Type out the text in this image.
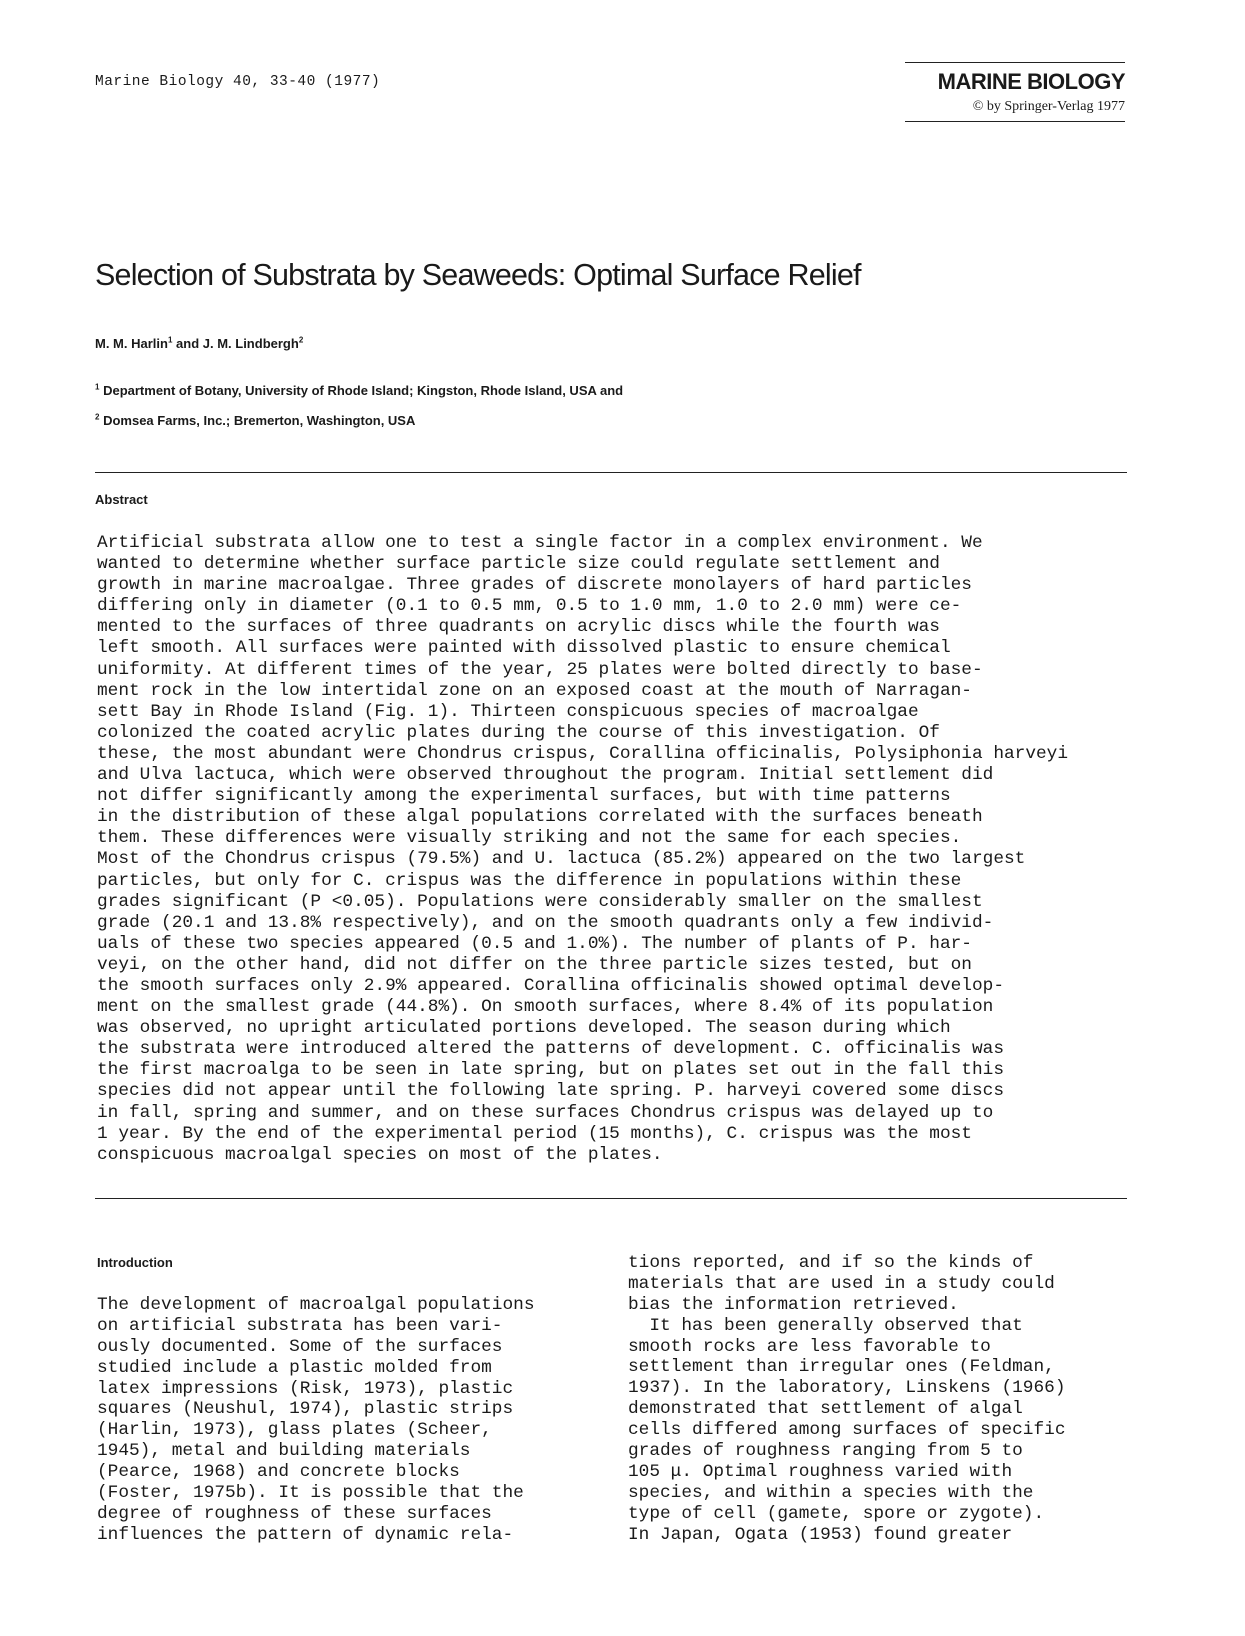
Marine Biology 40, 33-40 (1977)	MARINE BIOLOGY
© by Springer-Verlag 1977
Selection of Substrata by Seaweeds: Optimal Surface Relief
M. M. Harlin$^1$ and J. M. Lindbergh$^2$
$^1$ Department of Botany, University of Rhode Island; Kingston, Rhode Island, USA and
$^2$ Domsea Farms, Inc.; Bremerton, Washington, USA
Abstract
Artificial substrata allow one to test a single factor in a complex environment. We
wanted to determine whether surface particle size could regulate settlement and
growth in marine macroalgae. Three grades of discrete monolayers of hard particles
differing only in diameter (0.1 to 0.5 mm, 0.5 to 1.0 mm, 1.0 to 2.0 mm) were ce-
mented to the surfaces of three quadrants on acrylic discs while the fourth was
left smooth. All surfaces were painted with dissolved plastic to ensure chemical
uniformity. At different times of the year, 25 plates were bolted directly to base-
ment rock in the low intertidal zone on an exposed coast at the mouth of Narragan-
sett Bay in Rhode Island (Fig. 1). Thirteen conspicuous species of macroalgae
colonized the coated acrylic plates during the course of this investigation. Of
these, the most abundant were Chondrus crispus, Corallina officinalis, Polysiphonia harveyi
and Ulva lactuca, which were observed throughout the program. Initial settlement did
not differ significantly among the experimental surfaces, but with time patterns
in the distribution of these algal populations correlated with the surfaces beneath
them. These differences were visually striking and not the same for each species.
Most of the Chondrus crispus (79.5%) and U. lactuca (85.2%) appeared on the two largest
particles, but only for C. crispus was the difference in populations within these
grades significant (P <0.05). Populations were considerably smaller on the smallest
grade (20.1 and 13.8% respectively), and on the smooth quadrants only a few individ-
uals of these two species appeared (0.5 and 1.0%). The number of plants of P. har-
veyi, on the other hand, did not differ on the three particle sizes tested, but on
the smooth surfaces only 2.9% appeared. Corallina officinalis showed optimal develop-
ment on the smallest grade (44.8%). On smooth surfaces, where 8.4% of its population
was observed, no upright articulated portions developed. The season during which
the substrata were introduced altered the patterns of development. C. officinalis was
the first macroalga to be seen in late spring, but on plates set out in the fall this
species did not appear until the following late spring. P. harveyi covered some discs
in fall, spring and summer, and on these surfaces Chondrus crispus was delayed up to
1 year. By the end of the experimental period (15 months), C. crispus was the most
conspicuous macroalgal species on most of the plates.
Introduction
The development of macroalgal populations
on artificial substrata has been vari-
ously documented. Some of the surfaces
studied include a plastic molded from
latex impressions (Risk, 1973), plastic
squares (Neushul, 1974), plastic strips
(Harlin, 1973), glass plates (Scheer,
1945), metal and building materials
(Pearce, 1968) and concrete blocks
(Foster, 1975b). It is possible that the
degree of roughness of these surfaces
influences the pattern of dynamic rela-
tions reported, and if so the kinds of
materials that are used in a study could
bias the information retrieved.
It has been generally observed that
smooth rocks are less favorable to
settlement than irregular ones (Feldman,
1937). In the laboratory, Linskens (1966)
demonstrated that settlement of algal
cells differed among surfaces of specific
grades of roughness ranging from 5 to
105 μ. Optimal roughness varied with
species, and within a species with the
type of cell (gamete, spore or zygote).
In Japan, Ogata (1953) found greater
